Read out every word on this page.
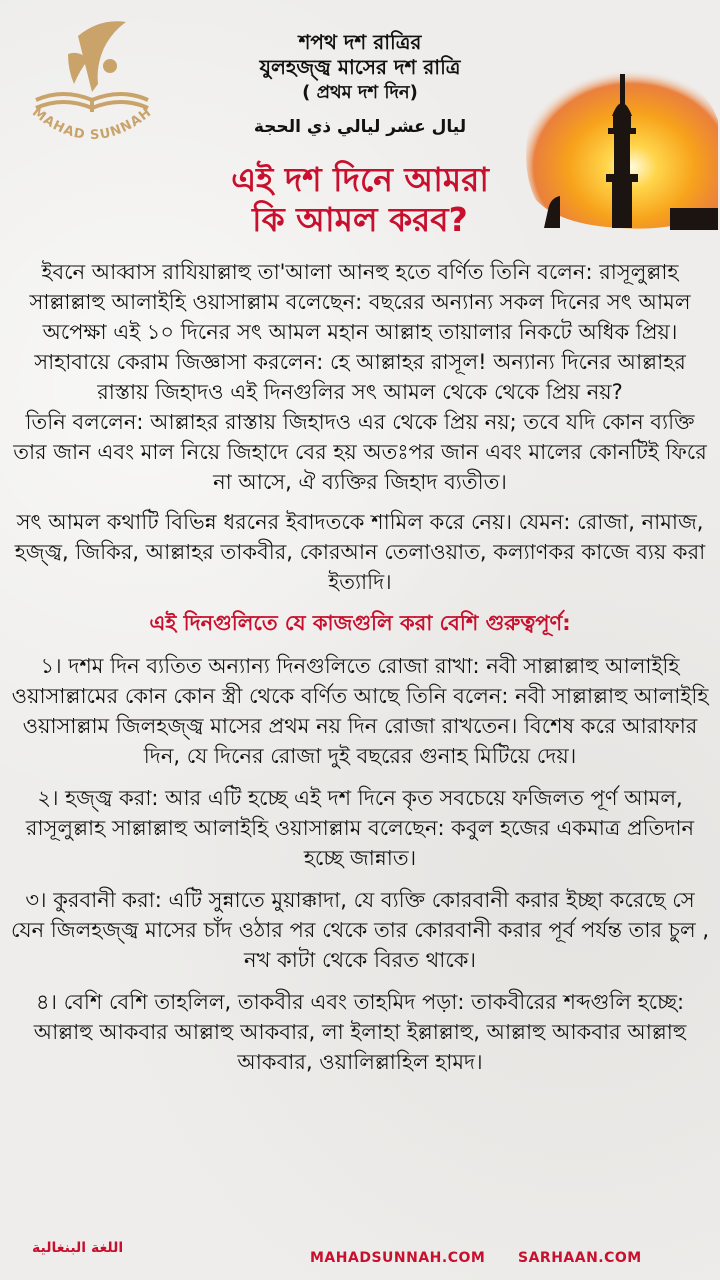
MAHAD SUNNAH

শপথ দশ রাত্রির

যুলহজ্জ্ব মাসের দশ রাত্রি

( প্রথম দশ দিন)

ليال عشر ليالي ذي الحجة
এই দশ দিনে আমরা
কি আমল করব?

ইবনে আব্বাস রাযিয়াল্লাহু তা'আলা আনহু হতে বর্ণিত তিনি বলেন: রাসূলুল্লাহ সাল্লাল্লাহু আলাইহি ওয়াসাল্লাম বলেছেন: বছরের অন্যান্য সকল দিনের সৎ আমল অপেক্ষা এই ১০ দিনের সৎ আমল মহান আল্লাহ তায়ালার নিকটে অধিক প্রিয়। সাহাবায়ে কেরাম জিজ্ঞাসা করলেন: হে আল্লাহর রাসূল! অন্যান্য দিনের আল্লাহর রাস্তায় জিহাদও এই দিনগুলির সৎ আমল থেকে থেকে প্রিয় নয়?

তিনি বললেন: আল্লাহর রাস্তায় জিহাদও এর থেকে প্রিয় নয়; তবে যদি কোন ব্যক্তি তার জান এবং মাল নিয়ে জিহাদে বের হয় অতঃপর জান এবং মালের কোনটিই ফিরে না আসে, ঐ ব্যক্তির জিহাদ ব্যতীত।

সৎ আমল কথাটি বিভিন্ন ধরনের ইবাদতকে শামিল করে নেয়। যেমন: রোজা, নামাজ, হজ্জ্ব, জিকির, আল্লাহর তাকবীর, কোরআন তেলাওয়াত, কল্যাণকর কাজে ব্যয় করা ইত্যাদি।

এই দিনগুলিতে যে কাজগুলি করা বেশি গুরুত্বপূর্ণ:

১। দশম দিন ব্যতিত অন্যান্য দিনগুলিতে রোজা রাখা: নবী সাল্লাল্লাহু আলাইহি ওয়াসাল্লামের কোন কোন স্ত্রী থেকে বর্ণিত আছে তিনি বলেন: নবী সাল্লাল্লাহু আলাইহি ওয়াসাল্লাম জিলহজ্জ্ব মাসের প্রথম নয় দিন রোজা রাখতেন। বিশেষ করে আরাফার দিন, যে দিনের রোজা দুই বছরের গুনাহ মিটিয়ে দেয়।

২। হজ্জ্ব করা: আর এটি হচ্ছে এই দশ দিনে কৃত সবচেয়ে ফজিলত পূর্ণ আমল, রাসূলুল্লাহ সাল্লাল্লাহু আলাইহি ওয়াসাল্লাম বলেছেন: কবুল হজের একমাত্র প্রতিদান হচ্ছে জান্নাত।

৩। কুরবানী করা: এটি সুন্নাতে মুয়াক্কাদা, যে ব্যক্তি কোরবানী করার ইচ্ছা করেছে সে যেন জিলহজ্জ্ব মাসের চাঁদ ওঠার পর থেকে তার কোরবানী করার পূর্ব পর্যন্ত তার চুল , নখ কাটা থেকে বিরত থাকে।

৪। বেশি বেশি তাহলিল, তাকবীর এবং তাহমিদ পড়া: তাকবীরের শব্দগুলি হচ্ছে: আল্লাহু আকবার আল্লাহু আকবার, লা ইলাহা ইল্লাল্লাহু, আল্লাহু আকবার আল্লাহু আকবার, ওয়ালিল্লাহিল হামদ।

اللغة البنغالية
MAHADSUNNAH.COM SARHAAN.COM
